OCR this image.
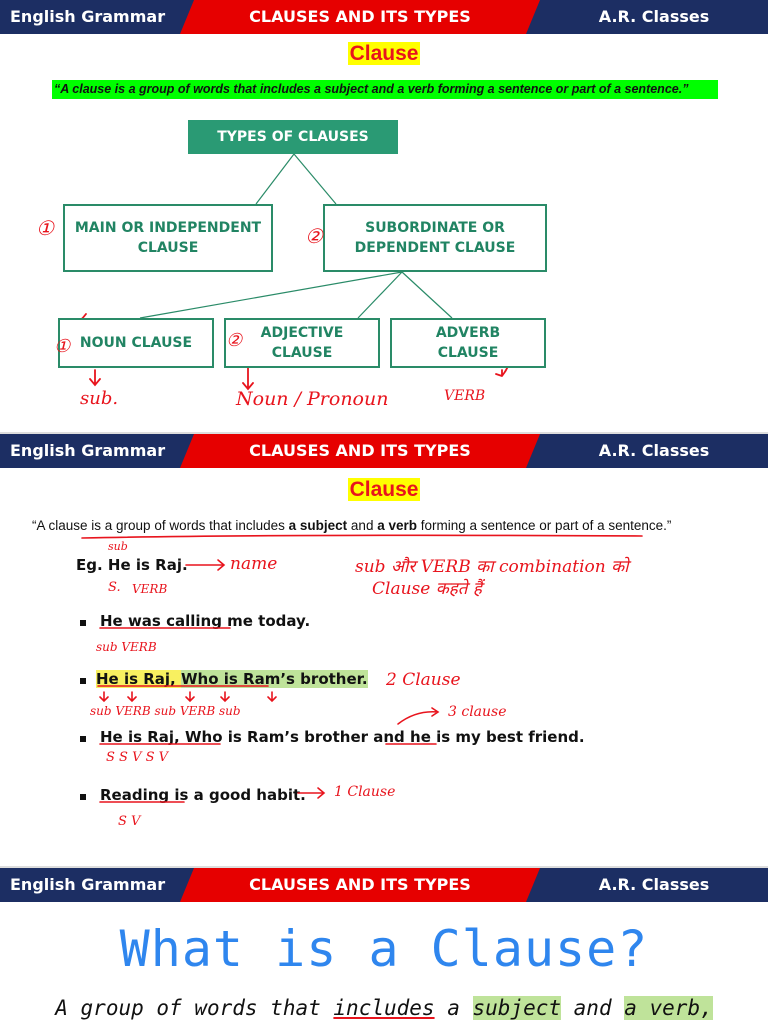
English Grammar	CLAUSES AND ITS TYPES	A.R. Classes
Clause
“A clause is a group of words that includes a subject and a verb forming a sentence or part of a sentence.”
TYPES OF CLAUSES
MAIN OR INDEPENDENT
CLAUSE
SUBORDINATE OR
DEPENDENT CLAUSE
NOUN CLAUSE
ADJECTIVE
CLAUSE
ADVERB
CLAUSE
①	②
①	②
sub.	Noun / Pronoun	VERB
English Grammar	CLAUSES AND ITS TYPES	A.R. Classes
Clause
“A clause is a group of words that includes a subject and a verb forming a sentence or part of a sentence.”
Eg. He is Raj.
sub
S. VERB
name	sub और VERB का combination को
Clause कहते हैं
He was calling me today.
sub VERB
He is Raj, Who is Ram’s brother. 2 Clause
sub VERB sub VERB sub
He is Raj, Who is Ram’s brother and he is my best friend.
3 clause
S S V S V
Reading is a good habit. 1 Clause
S V
English Grammar	CLAUSES AND ITS TYPES	A.R. Classes
What is a Clause?
A group of words that includes a subject and a verb,
